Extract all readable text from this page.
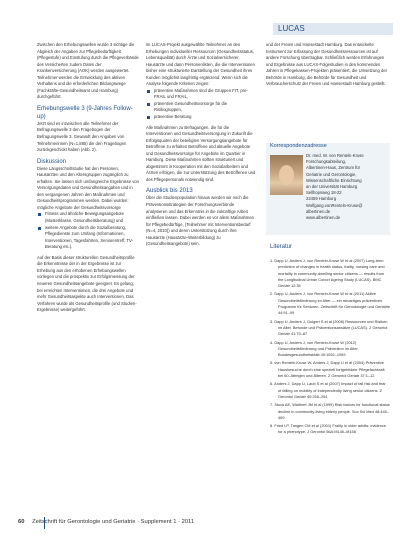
LUCAS

Zwischen den Erhebungswellen wurde 3 sichtige die Abgleich der Angaben zur Pflegebedürftigkeit (Pflegestufe) und Einstufung durch die Pflegeverbände des Versicherten zudem Daten der Krankenversicherung (AOK) werden ausgewertet. Teilnehmer werden die Entwicklung des aktiven Verhaltens und die erforderlichen Bildungswege (Fachkräfte-Gesundheitsamt und Hamburg) durchgeführt.

Erhebungswelle 3 (9-Jahres Follow-up)

Jetzt sind es inzwischen alle Teilnehmer der Befragungswelle 3 den Fragebogen der Befragungswelle 3. Gewandt den Angaben von Teilnehmerinnen (N=1.885) die den Fragebogen zurückgeschickt haben (Abb. 2).

Diskussion

Diese Längsschnittstudie hat den Personen, Hausärzten und den Altersgruppen zugänglich zu erhalten. Sie lassen sich umfangreiche Ergebnisse von Versorgungsdaten und Gesundheitsangaben und in den vergangenen Jahren den Maßnahmen und Gesundheitsprogrammen werden. Dabei wurden: mögliche Angebote der Gesundheitsvorsorge

Fitness und ähnliche Bewegungsangebote (Musterklasse, Gesundheitsberatung) und
weitere Angebote durch die Sozialberatung, Pflegedienste zum Umfang (Informationen, Interventionen, Tagesfahrten, Seniorentreff, TV-Beratung etc.).

Auf der Basis dieser strukturellen Gesundheitsprofile die Erkenntnisse der in der Ergebnisse ist zur Erhebung aus den erhobenen Erhebungswellen vorliegen und die prospektiv zur Erfolgsmessung der neueren Gesundheitsangebote geeignet. Es gelang, bei erreichten Interventionen, die drei Angebote und mehr Gesundheitsaspekte auch Interventionen. Das Verfahren wurde als Gesundheitsprofile (und Studien-Ergebnisse) weitergeführt.

im LUCAS-Projekt ausgewählte Teilnehmer an den Erhebungen individueller Ressourcen (Gesundheitsstatus, Lebensqualität) durch Ärzte und Sozialversicherer, Hausärzte und dann Personenlisten, die die Interventionen bisher eine strukturierte Darstellung der Gesundheit ihres Kunden möglichst langfristig ergänzend. Wenn sich die Analyse folgende Kriterien zeigen:

präventive Maßnahmen sind die Gruppen FIT, pre-FRAIL und FRAIL,
präventive Gesundheitsvorsorge für die Risikogruppen,
präventive Beratung

Alle Maßnahmen zu Befragungen, die für die Interventionen und Gesundheitsversorgung in Zukunft die Erfolgsquoten der beteiligten Versorgungsangebote für Betroffene zu erhalten Betroffene und aktuelle Angebote und Gesundheitsvorsorge für Angebote im Quartier in Hamburg. Diese Maßnahmen sollten strukturiert und abgestimmt in Kooperation mit den Sozialarbeitern und Ärzten erfolgen, die zur Unterstützung des Betroffenen und des Pflegepersonals notwendig sind.

Ausblick bis 2013

Über die Studienpopulation hinaus werden wir noch die Präventionsstrategien der Forschungsverbünde analysieren und das Erkenntnis in die zukünftige Arbeit einfließen lassen. Dabei werden es vor allem Maßnahmen für Pflegebedürftige, (Teilnehmer mit Interventionsbedarf (N=4, 2010)) und deren Unterstützung durch ihre Hausärzte (Hausärzte-Weiterbildung) zu (Gesundheitsangebote) sein.

und der Freien und Hansestadt Hamburg. Das entwickelte Instrument zur Erfassung der Gesundheitsressourcen ist auf andere Forschung übertragbar. Schließlich werden Erfahrungen und Ergebnisse aus LUCAS-Folgestudien in den kommenden Jahren in Pflegekassen-Projekten präsentiert, die Umsetzung der Behörde in Hamburg, die Behörde für Gesundheit und Verbraucherschutz der Freien und Hansestadt Hamburg gestellt.

Korrespondenzadresse
Dr. med. W. von Renteln-Kruse
Forschungsabteilung,
Albertinen-Haus, Zentrum für
Geriatrie und Gerontologie,
Wissenschaftliche Einrichtung
an der Universität Hamburg
Sellhopsweg 18-22
22459 Hamburg
Wolfgang.vonRenteln-Kruse@
albertinen.de
www.albertinen.de
Literatur
1. Dapp U, Anders J, von Renteln-Kruse W et al (2007) Long-term prediction of changes in health status, frailty, nursing care and mortality in community-dwelling senior citizens — results from the Longitudinal Urban Cohort Ageing Study (LUCAS). BMC Geriatr 12:35
2. Dapp U, Anders J, von Renteln-Kruse W et al (2011) Aktive Gesundheitsförderung im Alter — ein neuartiges präventives Programm für Senioren. Zeitschrift für Gerontologie und Geriatrie 44:91–99
3. Dapp U, Anders J, Golgert S et al (2008) Ressourcen und Risiken im Alter. Befunde und Präventionsansätze (LUCAS). Z Gerontol Geriatr 41:79–87
4. Dapp U, Anders J, von Renteln-Kruse W (2012) Gesundheitsförderung und Prävention im Alter. Bundesgesundheitsblatt 49:1052–1059
5. von Renteln-Kruse W, Anders J, Dapp U et al (2004) Präventive Hausbesuche durch eine speziell fortgebildete Pflegefachkraft bei 60-Jährigen und Älteren. Z Gerontol Geriatr 37:1–12
6. Anders J, Dapp U, Laub S et al (2007) Impact of fall risk and fear of falling on mobility of independently living senior citizens. Z Gerontol Geriatr 40:255–261
7. Stuck AE, Walthert JM et al (1999) Risk factors for functional status decline in community-living elderly people. Soc Sci Med 48:445–469
8. Fried LP, Tangen CM et al (2001) Frailty in older adults: evidence for a phenotype. J Gerontol 56A:M146–M156
60 Zeitschrift für Gerontologie und Geriatrie · Supplement 1 · 2011
